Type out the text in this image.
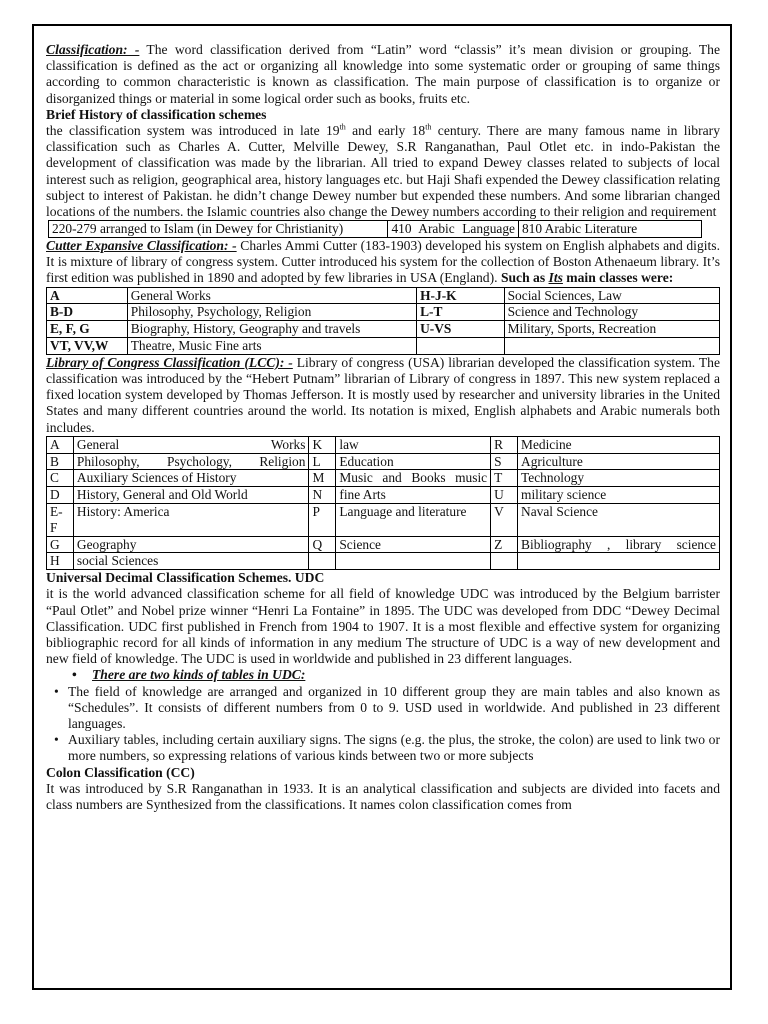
Classification: - The word classification derived from “Latin” word “classis” it’s mean division or grouping. The classification is defined as the act or organizing all knowledge into some systematic order or grouping of same things according to common characteristic is known as classification. The main purpose of classification is to organize or disorganized things or material in some logical order such as books, fruits etc.

Brief History of classification schemes

the classification system was introduced in late 19th and early 18th century. There are many famous name in library classification such as Charles A. Cutter, Melville Dewey, S.R Ranganathan, Paul Otlet etc. in indo-Pakistan the development of classification was made by the librarian. All tried to expand Dewey classes related to subjects of local interest such as religion, geographical area, history languages etc. but Haji Shafi expended the Dewey classification relating subject to interest of Pakistan. he didn’t change Dewey number but expended these numbers. And some librarian changed locations of the numbers. the Islamic countries also change the Dewey numbers according to their religion and requirement

220-279 arranged to Islam (in Dewey for Christianity)	410 Arabic Language	810 Arabic Literature

Cutter Expansive Classification: - Charles Ammi Cutter (183-1903) developed his system on English alphabets and digits. It is mixture of library of congress system. Cutter introduced his system for the collection of Boston Athenaeum library. It’s first edition was published in 1890 and adopted by few libraries in USA (England). Such as Its main classes were:

A	General Works	H-J-K	Social Sciences, Law
B-D	Philosophy, Psychology, Religion	L-T	Science and Technology
E, F, G	Biography, History, Geography and travels	U-VS	Military, Sports, Recreation
VT, VV,W	Theatre, Music Fine arts		

Library of Congress Classification (LCC): - Library of congress (USA) librarian developed the classification system. The classification was introduced by the “Hebert Putnam” librarian of Library of congress in 1897. This new system replaced a fixed location system developed by Thomas Jefferson. It is mostly used by researcher and university libraries in the United States and many different countries around the world. Its notation is mixed, English alphabets and Arabic numerals both includes.

A	General Works	K	law	R	Medicine
B	Philosophy, Psychology, Religion	L	Education	S	Agriculture
C	Auxiliary Sciences of History	M	Music and Books music	T	Technology
D	History, General and Old World	N	fine Arts	U	military science
E-F	History: America	P	Language and literature	V	Naval Science
G	Geography	Q	Science	Z	Bibliography , library science
H	social Sciences				

Universal Decimal Classification Schemes. UDC

it is the world advanced classification scheme for all field of knowledge UDC was introduced by the Belgium barrister “Paul Otlet” and Nobel prize winner “Henri La Fontaine” in 1895. The UDC was developed from DDC “Dewey Decimal Classification. UDC first published in French from 1904 to 1907. It is a most flexible and effective system for organizing bibliographic record for all kinds of information in any medium The structure of UDC is a way of new development and new field of knowledge. The UDC is used in worldwide and published in 23 different languages.

• There are two kinds of tables in UDC:

• The field of knowledge are arranged and organized in 10 different group they are main tables and also known as “Schedules”. It consists of different numbers from 0 to 9. USD used in worldwide. And published in 23 different languages.
• Auxiliary tables, including certain auxiliary signs. The signs (e.g. the plus, the stroke, the colon) are used to link two or more numbers, so expressing relations of various kinds between two or more subjects

Colon Classification (CC)

It was introduced by S.R Ranganathan in 1933. It is an analytical classification and subjects are divided into facets and class numbers are Synthesized from the classifications. It names colon classification comes from
